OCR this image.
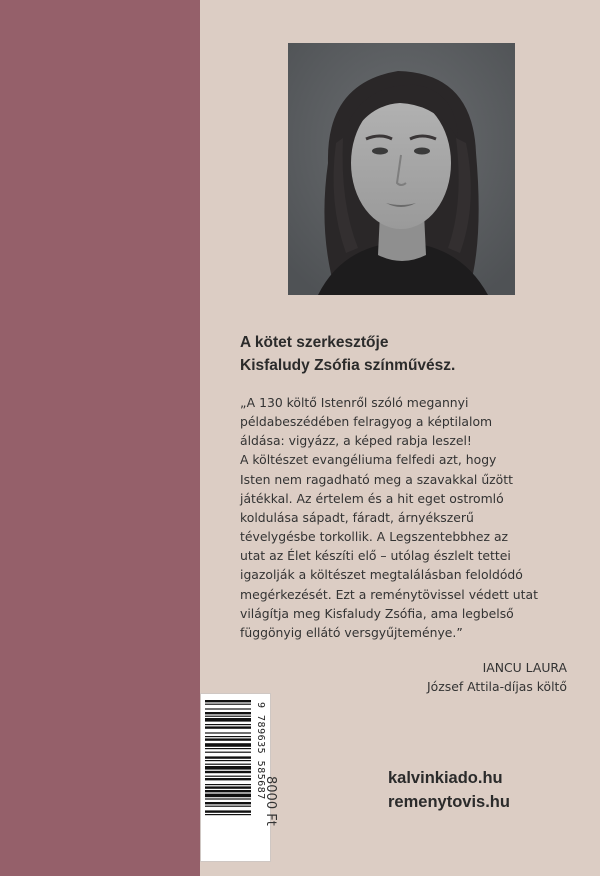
A kötet szerkesztője
Kisfaludy Zsófia színművész.
„A 130 költő Istenről szóló megannyi
példabeszédében felragyog a képtilalom
áldása: vigyázz, a képed rabja leszel!
A költészet evangéliuma felfedi azt, hogy
Isten nem ragadható meg a szavakkal űzött
játékkal. Az értelem és a hit eget ostromló
koldulása sápadt, fáradt, árnyékszerű
tévelygésbe torkollik. A Legszentebbhez az
utat az Élet készíti elő – utólag észlelt tettei
igazolják a költészet megtalálásban feloldódó
megérkezését. Ezt a reménytövissel védett utat
világítja meg Kisfaludy Zsófia, ama legbelső
függönyig ellátó versgyűjteménye.”
IANCU LAURA
József Attila-díjas költő
9 789635 585687
8000 Ft	kalvinkiado.hu
remenytovis.hu
